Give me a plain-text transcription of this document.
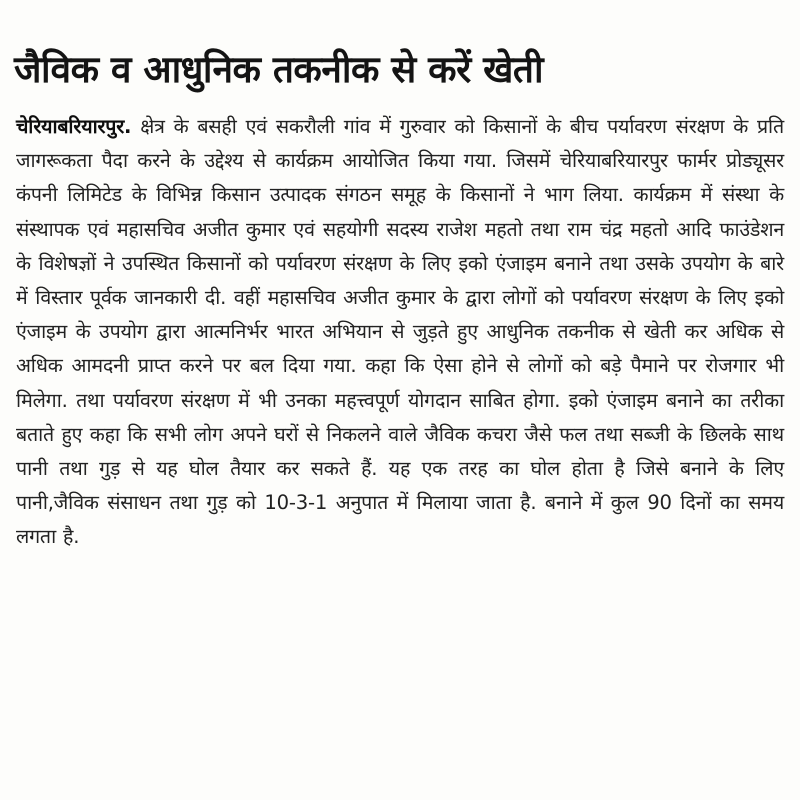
जैविक व आधुनिक तकनीक से करें खेती

चेरियाबरियारपुर. क्षेत्र के बसही एवं सकरौली गांव में गुरुवार को किसानों के बीच पर्यावरण संरक्षण के प्रति जागरूकता पैदा करने के उद्देश्य से कार्यक्रम आयोजित किया गया. जिसमें चेरियाबरियारपुर फार्मर प्रोड्यूसर कंपनी लिमिटेड के विभिन्न किसान उत्पादक संगठन समूह के किसानों ने भाग लिया. कार्यक्रम में संस्था के संस्थापक एवं महासचिव अजीत कुमार एवं सहयोगी सदस्य राजेश महतो तथा राम चंद्र महतो आदि फाउंडेशन के विशेषज्ञों ने उपस्थित किसानों को पर्यावरण संरक्षण के लिए इको एंजाइम बनाने तथा उसके उपयोग के बारे में विस्तार पूर्वक जानकारी दी. वहीं महासचिव अजीत कुमार के द्वारा लोगों को पर्यावरण संरक्षण के लिए इको एंजाइम के उपयोग द्वारा आत्मनिर्भर भारत अभियान से जुड़ते हुए आधुनिक तकनीक से खेती कर अधिक से अधिक आमदनी प्राप्त करने पर बल दिया गया. कहा कि ऐसा होने से लोगों को बड़े पैमाने पर रोजगार भी मिलेगा. तथा पर्यावरण संरक्षण में भी उनका महत्त्वपूर्ण योगदान साबित होगा. इको एंजाइम बनाने का तरीका बताते हुए कहा कि सभी लोग अपने घरों से निकलने वाले जैविक कचरा जैसे फल तथा सब्जी के छिलके साथ पानी तथा गुड़ से यह घोल तैयार कर सकते हैं. यह एक तरह का घोल होता है जिसे बनाने के लिए पानी,जैविक संसाधन तथा गुड़ को 10-3-1 अनुपात में मिलाया जाता है. बनाने में कुल 90 दिनों का समय लगता है.
